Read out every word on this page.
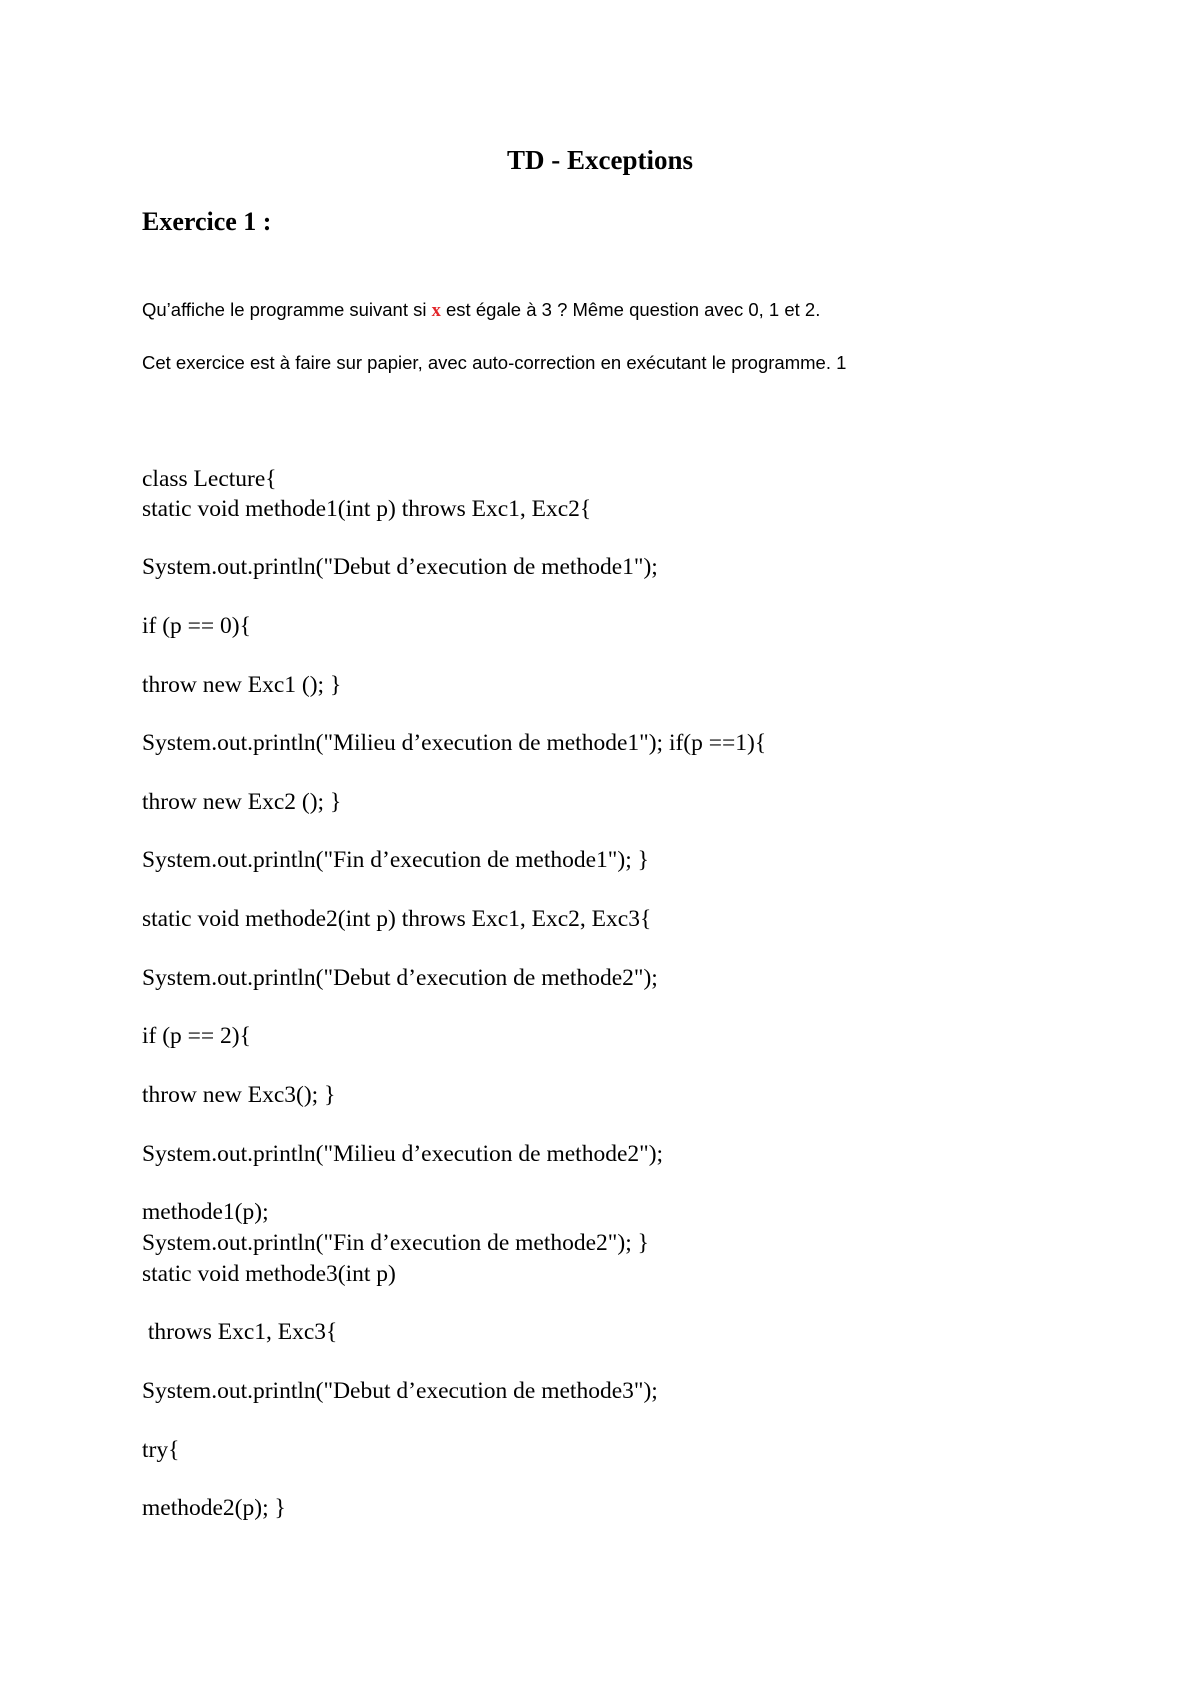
TD - Exceptions
Exercice 1 :
Qu’affiche le programme suivant si x est égale à 3 ? Même question avec 0, 1 et 2.
Cet exercice est à faire sur papier, avec auto-correction en exécutant le programme. 1
class Lecture{
static void methode1(int p) throws Exc1, Exc2{
System.out.println("Debut d’execution de methode1");
if (p == 0){
throw new Exc1 (); }
System.out.println("Milieu d’execution de methode1"); if(p ==1){
throw new Exc2 (); }
System.out.println("Fin d’execution de methode1"); }
static void methode2(int p) throws Exc1, Exc2, Exc3{
System.out.println("Debut d’execution de methode2");
if (p == 2){
throw new Exc3(); }
System.out.println("Milieu d’execution de methode2");
methode1(p);
System.out.println("Fin d’execution de methode2"); }
static void methode3(int p)
throws Exc1, Exc3{
System.out.println("Debut d’execution de methode3");
try{
methode2(p); }
